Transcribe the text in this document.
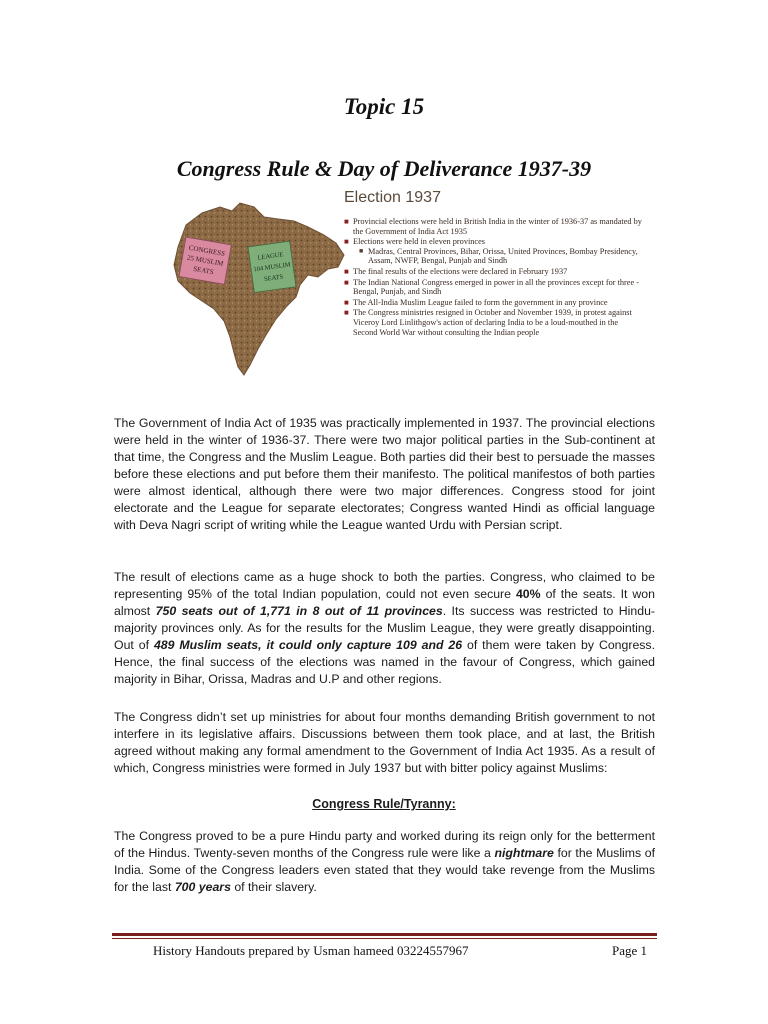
Topic 15
Congress Rule & Day of Deliverance 1937-39
CONGRESS
25 MUSLIM
SEATS
LEAGUE
104 MUSLIM
SEATS
Election 1937
■ Provincial elections were held in British India in the winter of 1936-37 as mandated by the Government of India Act 1935
■ Elections were held in eleven provinces
■ Madras, Central Provinces, Bihar, Orissa, United Provinces, Bombay Presidency, Assam, NWFP, Bengal, Punjab and Sindh
■ The final results of the elections were declared in February 1937
■ The Indian National Congress emerged in power in all the provinces except for three - Bengal, Punjab, and Sindh
■ The All-India Muslim League failed to form the government in any province
■ The Congress ministries resigned in October and November 1939, in protest against Viceroy Lord Linlithgow's action of declaring India to be a loud-mouthed in the Second World War without consulting the Indian people

The Government of India Act of 1935 was practically implemented in 1937. The provincial elections were held in the winter of 1936-37. There were two major political parties in the Sub-continent at that time, the Congress and the Muslim League. Both parties did their best to persuade the masses before these elections and put before them their manifesto. The political manifestos of both parties were almost identical, although there were two major differences. Congress stood for joint electorate and the League for separate electorates; Congress wanted Hindi as official language with Deva Nagri script of writing while the League wanted Urdu with Persian script.

The result of elections came as a huge shock to both the parties. Congress, who claimed to be representing 95% of the total Indian population, could not even secure 40% of the seats. It won almost 750 seats out of 1,771 in 8 out of 11 provinces. Its success was restricted to Hindu-majority provinces only. As for the results for the Muslim League, they were greatly disappointing. Out of 489 Muslim seats, it could only capture 109 and 26 of them were taken by Congress. Hence, the final success of the elections was named in the favour of Congress, which gained majority in Bihar, Orissa, Madras and U.P and other regions.

The Congress didn’t set up ministries for about four months demanding British government to not interfere in its legislative affairs. Discussions between them took place, and at last, the British agreed without making any formal amendment to the Government of India Act 1935. As a result of which, Congress ministries were formed in July 1937 but with bitter policy against Muslims:

Congress Rule/Tyranny:

The Congress proved to be a pure Hindu party and worked during its reign only for the betterment of the Hindus. Twenty-seven months of the Congress rule were like a nightmare for the Muslims of India. Some of the Congress leaders even stated that they would take revenge from the Muslims for the last 700 years of their slavery.

History Handouts prepared by Usman hameed 03224557967	Page 1
